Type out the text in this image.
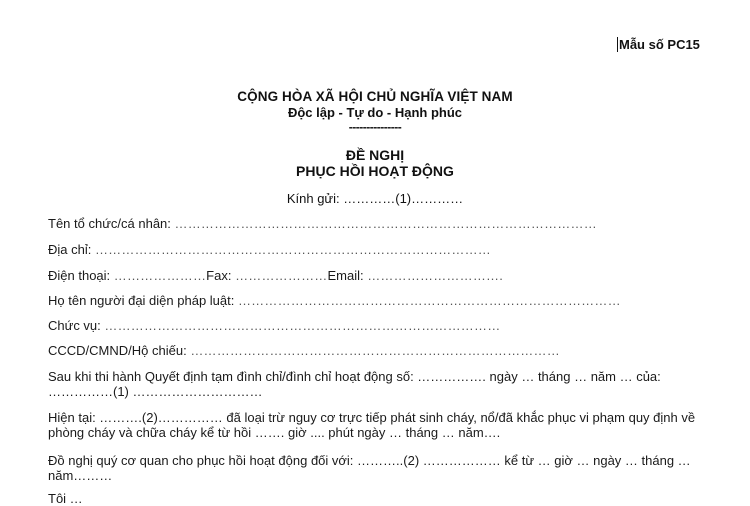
Mẫu số PC15
CỘNG HÒA XÃ HỘI CHỦ NGHĨA VIỆT NAM
Độc lập - Tự do - Hạnh phúc
---------------
ĐỀ NGHỊ
PHỤC HỒI HOẠT ĐỘNG
Kính gửi: …………(1)…………
Tên tổ chức/cá nhân: ……………………………………………………………………………………
Địa chỉ: ………………………………………………………………………………
Điện thoại: …………………Fax: …………………Email: ………………………….
Họ tên người đại diện pháp luật: ……………………………………………………………………………
Chức vụ: ………………………………………………………………………………
CCCD/CMND/Hộ chiếu: …………………………………………………………………………
Sau khi thi hành Quyết định tạm đình chỉ/đình chỉ hoạt động số: ……………. ngày … tháng … năm … của: ……………(1) …………………………
Hiện tại: ……….(2)…………… đã loại trừ nguy cơ trực tiếp phát sinh cháy, nổ/đã khắc phục vi phạm quy định về phòng cháy và chữa cháy kể từ hồi ……. giờ .... phút ngày … tháng … năm….
Đồ nghị quý cơ quan cho phục hồi hoạt động đối với: ………..(2) ……………… kể từ … giờ … ngày … tháng … năm………
Tôi …
